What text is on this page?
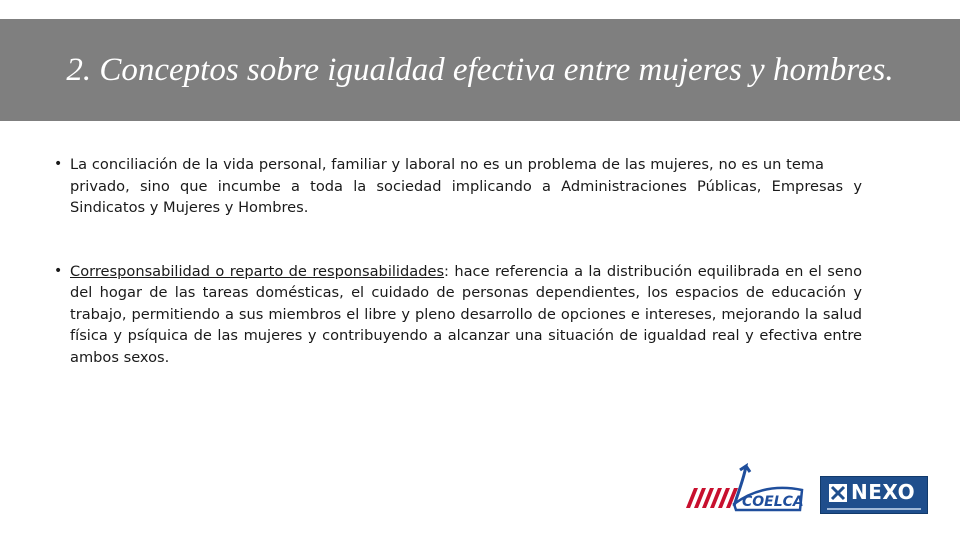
2. Conceptos sobre igualdad efectiva entre mujeres y hombres.
• La conciliación de la vida personal, familiar y laboral no es un problema de las mujeres, no es un temaprivado, sino que incumbe a toda la sociedad implicando a Administraciones Públicas, Empresas y Sindicatos y Mujeres y Hombres.
• Corresponsabilidad o reparto de responsabilidades: hace referencia a la distribución equilibrada en el seno del hogar de las tareas domésticas, el cuidado de personas dependientes, los espacios de educación y trabajo, permitiendo a sus miembros el libre y pleno desarrollo de opciones e intereses, mejorando la salud física y psíquica de las mujeres y contribuyendo a alcanzar una situación de igualdad real y efectiva entre ambos sexos.
COELCA NEXO
